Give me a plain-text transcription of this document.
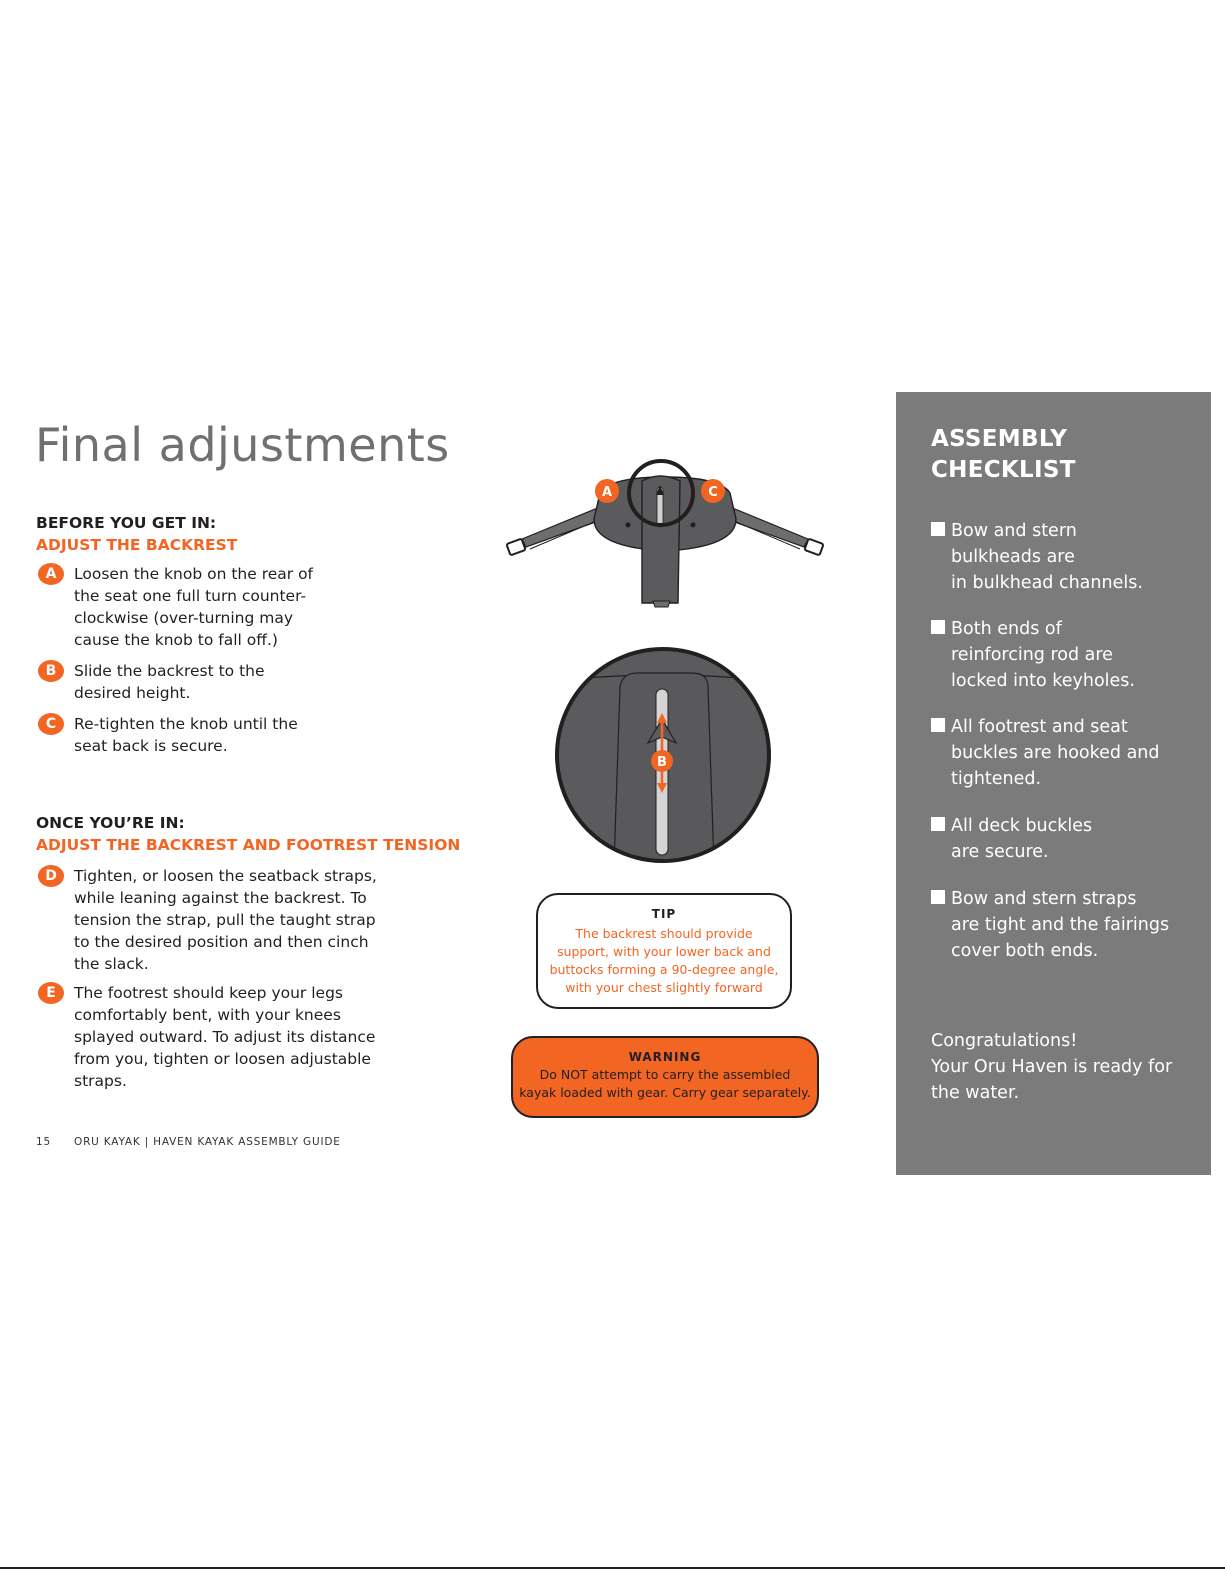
Final adjustments
BEFORE YOU GET IN:
ADJUST THE BACKREST
A	Loosen the knob on the rear of
the seat one full turn counter-
clockwise (over-turning may
cause the knob to fall off.)
B	Slide the backrest to the
desired height.
C	Re-tighten the knob until the
seat back is secure.
ONCE YOU’RE IN:
ADJUST THE BACKREST AND FOOTREST TENSION
D	Tighten, or loosen the seatback straps,
while leaning against the backrest. To
tension the strap, pull the taught strap
to the desired position and then cinch
the slack.
E	The footrest should keep your legs
comfortably bent, with your knees
splayed outward. To adjust its distance
from you, tighten or loosen adjustable
straps.
15 ORU KAYAK | HAVEN KAYAK ASSEMBLY GUIDE
A	C
B
TIP
The backrest should provide
support, with your lower back and
buttocks forming a 90-degree angle,
with your chest slightly forward
WARNING
Do NOT attempt to carry the assembled
kayak loaded with gear. Carry gear separately.
ASSEMBLY
CHECKLIST
Bow and stern
bulkheads are
in bulkhead channels.
Both ends of
reinforcing rod are
locked into keyholes.
All footrest and seat
buckles are hooked and
tightened.
All deck buckles
are secure.
Bow and stern straps
are tight and the fairings
cover both ends.
Congratulations!
Your Oru Haven is ready for
the water.
